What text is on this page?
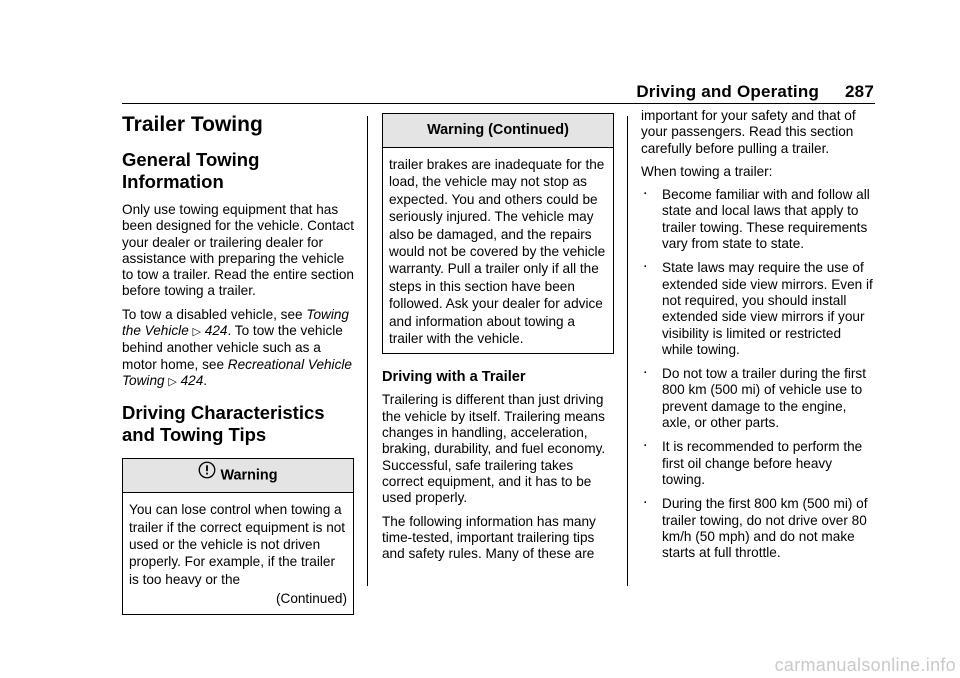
Driving and Operating 287
Trailer Towing
General Towing Information

Only use towing equipment that has been designed for the vehicle. Contact your dealer or trailering dealer for assistance with preparing the vehicle to tow a trailer. Read the entire section before towing a trailer.

To tow a disabled vehicle, see Towing the Vehicle ▷ 424. To tow the vehicle behind another vehicle such as a motor home, see Recreational Vehicle Towing ▷ 424.

Driving Characteristics and Towing Tips
Warning
You can lose control when towing a trailer if the correct equipment is not used or the vehicle is not driven properly. For example, if the trailer is too heavy or the
(Continued)
Warning (Continued)
trailer brakes are inadequate for the load, the vehicle may not stop as expected. You and others could be seriously injured. The vehicle may also be damaged, and the repairs would not be covered by the vehicle warranty. Pull a trailer only if all the steps in this section have been followed. Ask your dealer for advice and information about towing a trailer with the vehicle.
Driving with a Trailer

Trailering is different than just driving the vehicle by itself. Trailering means changes in handling, acceleration, braking, durability, and fuel economy. Successful, safe trailering takes correct equipment, and it has to be used properly.

The following information has many time-tested, important trailering tips and safety rules. Many of these are

important for your safety and that of your passengers. Read this section carefully before pulling a trailer.

When towing a trailer:

. Become familiar with and follow all state and local laws that apply to trailer towing. These requirements vary from state to state.
. State laws may require the use of extended side view mirrors. Even if not required, you should install extended side view mirrors if your visibility is limited or restricted while towing.
. Do not tow a trailer during the first 800 km (500 mi) of vehicle use to prevent damage to the engine, axle, or other parts.
. It is recommended to perform the first oil change before heavy towing.
. During the first 800 km (500 mi) of trailer towing, do not drive over 80 km/h (50 mph) and do not make starts at full throttle.
carmanualsonline.info
